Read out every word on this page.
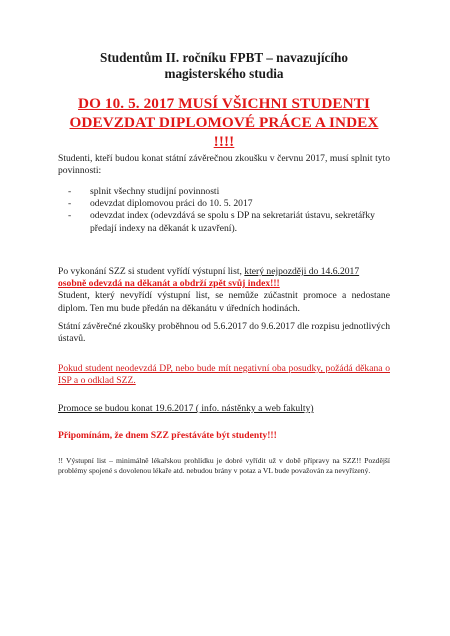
Studentům II. ročníku FPBT – navazujícího
magisterského studia
DO 10. 5. 2017 MUSÍ VŠICHNI STUDENTI
ODEVZDAT DIPLOMOVÉ PRÁCE A INDEX !!!!
Studenti, kteří budou konat státní závěrečnou zkoušku v červnu 2017, musí splnit tyto povinnosti:
- splnit všechny studijní povinnosti
- odevzdat diplomovou práci do 10. 5. 2017
- odevzdat index (odevzdává se spolu s DP na sekretariát ústavu, sekretářky předají indexy na děkanát k uzavření).
Po vykonání SZZ si student vyřídí výstupní list, který nejpozději do 14.6.2017
osobně odevzdá na děkanát a obdrží zpět svůj index!!!
Student, který nevyřídí výstupní list, se nemůže zúčastnit promoce a nedostane diplom. Ten mu bude předán na děkanátu v úředních hodinách.
Státní závěrečné zkoušky proběhnou od 5.6.2017 do 9.6.2017 dle rozpisu jednotlivých ústavů.
Pokud student neodevzdá DP, nebo bude mít negativní oba posudky, požádá děkana o ISP a o odklad SZZ.
Promoce se budou konat 19.6.2017 ( info. nástěnky a web fakulty)
Připomínám, že dnem SZZ přestáváte být studenty!!!
!! Výstupní list – minimálně lékařskou prohlídku je dobré vyřídit už v době přípravy na SZZ!! Pozdější problémy spojené s dovolenou lékaře atd. nebudou brány v potaz a VL bude považován za nevyřízený.
